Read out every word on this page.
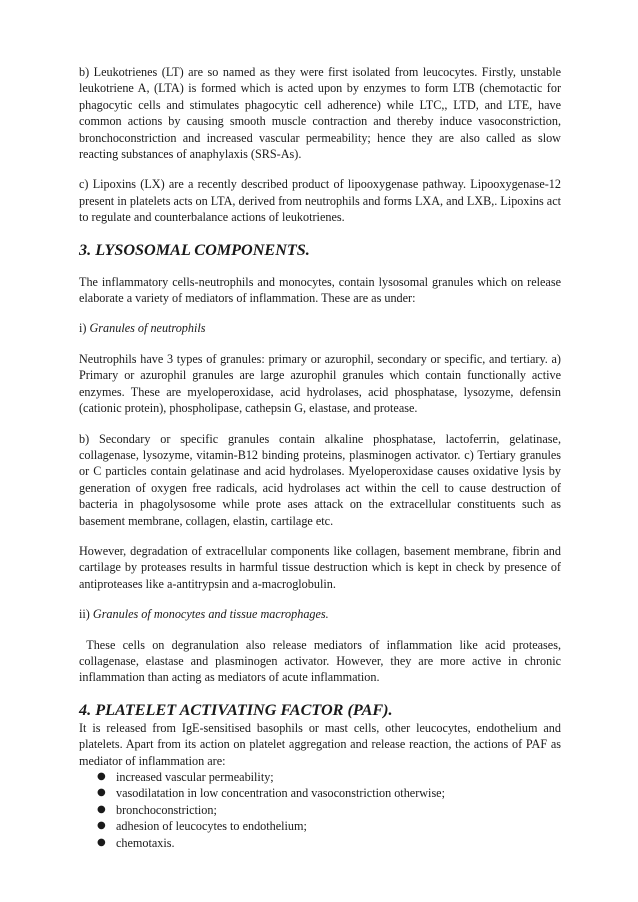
b) Leukotrienes (LT) are so named as they were first isolated from leucocytes. Firstly, unstable leukotriene A, (LTA) is formed which is acted upon by enzymes to form LTB (chemotactic for phagocytic cells and stimulates phagocytic cell adherence) while LTC,, LTD, and LTE, have common actions by causing smooth muscle contraction and thereby induce vasoconstriction, bronchoconstriction and increased vascular permeability; hence they are also called as slow reacting substances of anaphylaxis (SRS-As).

c) Lipoxins (LX) are a recently described product of lipooxygenase pathway. Lipooxygenase-12 present in platelets acts on LTA, derived from neutrophils and forms LXA, and LXB,. Lipoxins act to regulate and counterbalance actions of leukotrienes.

3. LYSOSOMAL COMPONENTS.

The inflammatory cells-neutrophils and monocytes, contain lysosomal granules which on release elaborate a variety of mediators of inflammation. These are as under:

i) Granules of neutrophils

Neutrophils have 3 types of granules: primary or azurophil, secondary or specific, and tertiary. a) Primary or azurophil granules are large azurophil granules which contain functionally active enzymes. These are myeloperoxidase, acid hydrolases, acid phosphatase, lysozyme, defensin (cationic protein), phospholipase, cathepsin G, elastase, and protease.

b) Secondary or specific granules contain alkaline phosphatase, lactoferrin, gelatinase, collagenase, lysozyme, vitamin-B12 binding proteins, plasminogen activator. c) Tertiary granules or C particles contain gelatinase and acid hydrolases. Myeloperoxidase causes oxidative lysis by generation of oxygen free radicals, acid hydrolases act within the cell to cause destruction of bacteria in phagolysosome while prote ases attack on the extracellular constituents such as basement membrane, collagen, elastin, cartilage etc.

However, degradation of extracellular components like collagen, basement membrane, fibrin and cartilage by proteases results in harmful tissue destruction which is kept in check by presence of antiproteases like a-antitrypsin and a-macroglobulin.

ii) Granules of monocytes and tissue macrophages.

These cells on degranulation also release mediators of inflammation like acid proteases, collagenase, elastase and plasminogen activator. However, they are more active in chronic inflammation than acting as mediators of acute inflammation.

4. PLATELET ACTIVATING FACTOR (PAF).

It is released from IgE-sensitised basophils or mast cells, other leucocytes, endothelium and platelets. Apart from its action on platelet aggregation and release reaction, the actions of PAF as mediator of inflammation are:

● increased vascular permeability;
● vasodilatation in low concentration and vasoconstriction otherwise;
● bronchoconstriction;
● adhesion of leucocytes to endothelium;
● chemotaxis.
